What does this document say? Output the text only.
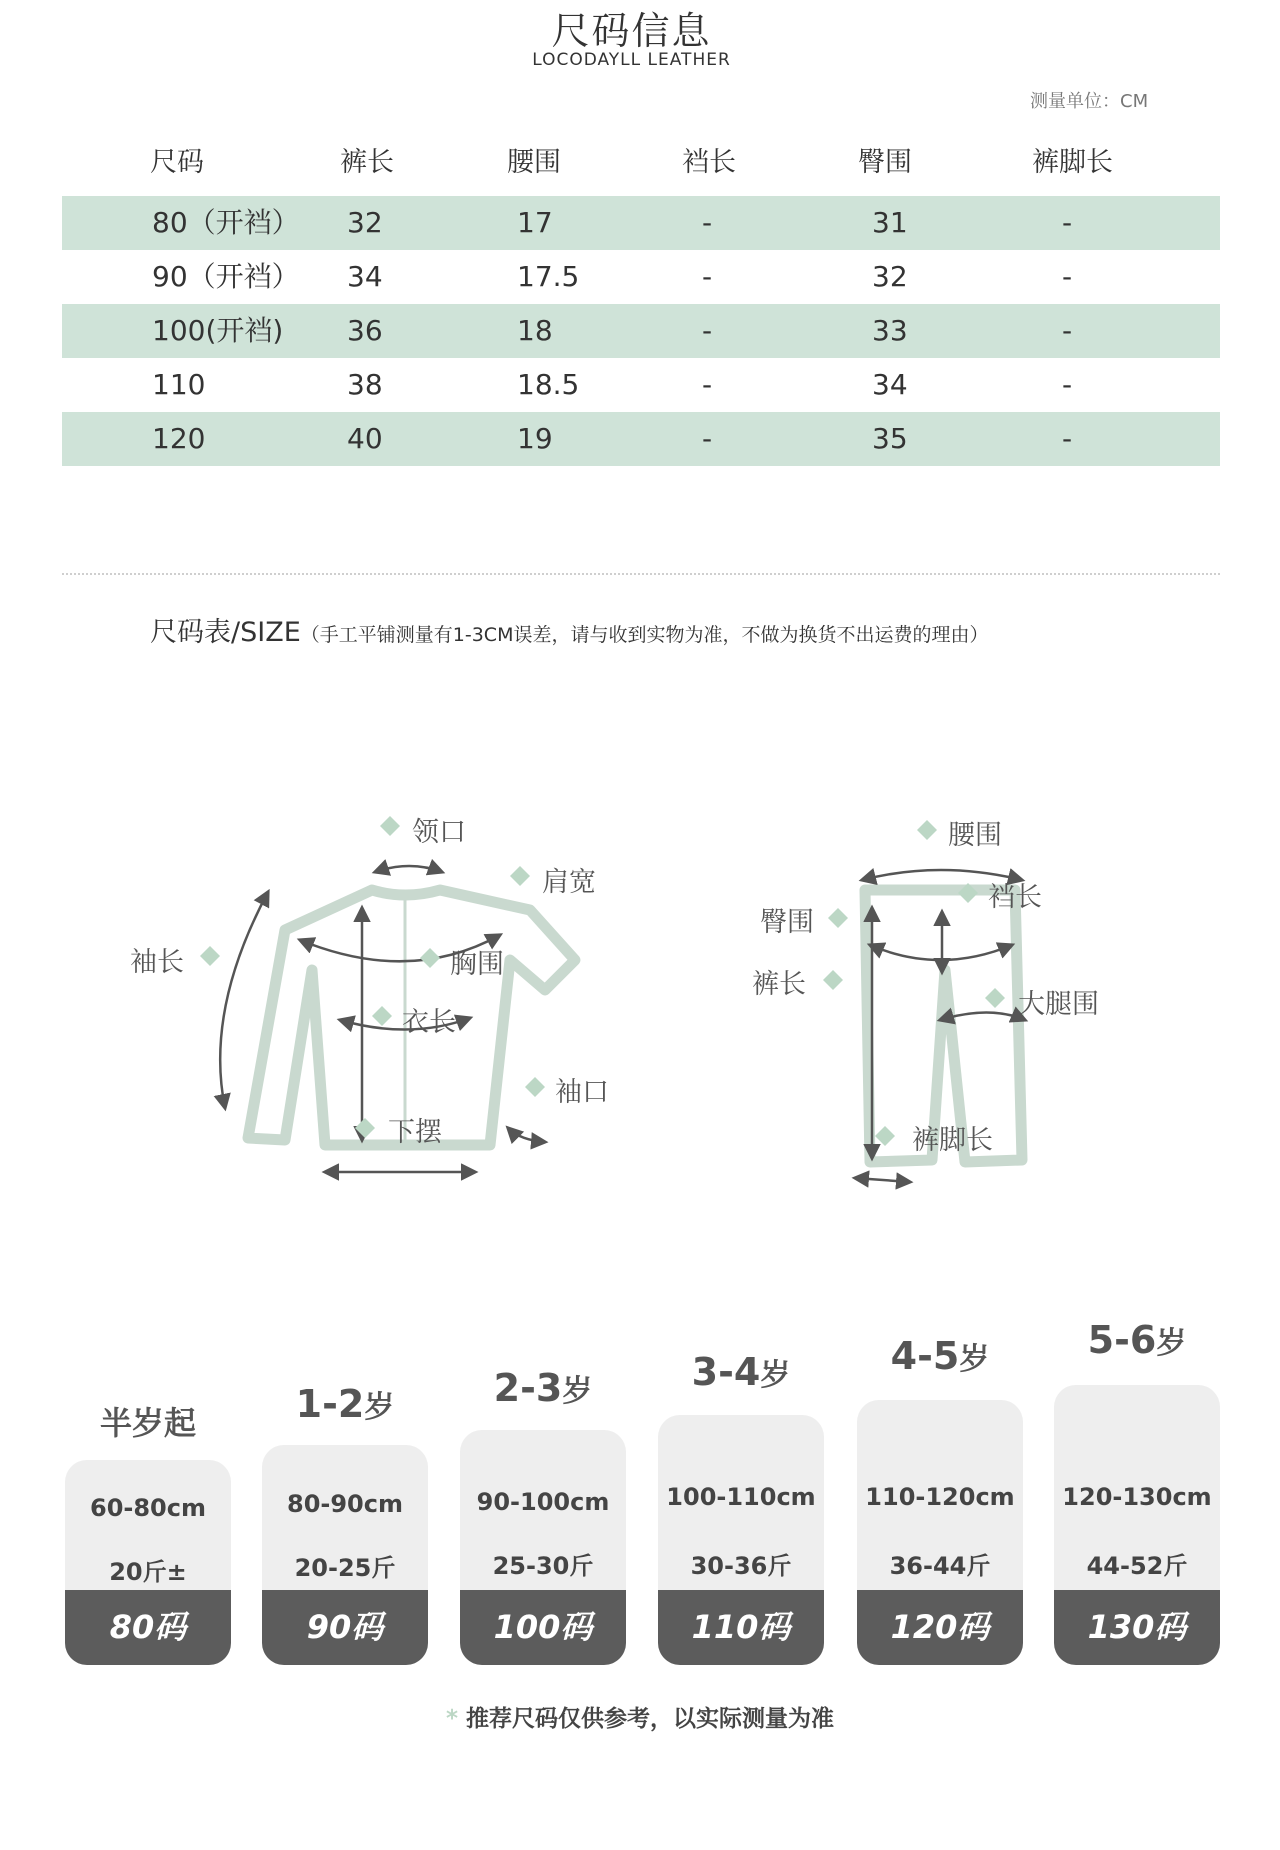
尺码信息
LOCODAYLL LEATHER
测量单位：CM
尺码	裤长	腰围	裆长	臀围	裤脚长
80（开裆） 32	17	-	31	-
90（开裆） 34	17.5	-	32	-
100(开裆) 36	18	-	33	-
110	38	18.5	-	34	-
120	40	19	-	35	-
尺码表/SIZE（手工平铺测量有1-3CM误差，请与收到实物为准，不做为换货不出运费的理由）
领口
肩宽
袖长	胸围
衣长
袖口
下摆
腰围
裆长
臀围
裤长
大腿围
裤脚长
半岁起
60-80cm
20斤±
80码
1-2岁
80-90cm
20-25斤
90码
2-3岁
90-100cm
25-30斤
100码
3-4岁
100-110cm
30-36斤
110码
4-5岁
110-120cm
36-44斤
120码
5-6岁
120-130cm
44-52斤
130码
* 推荐尺码仅供参考，以实际测量为准
